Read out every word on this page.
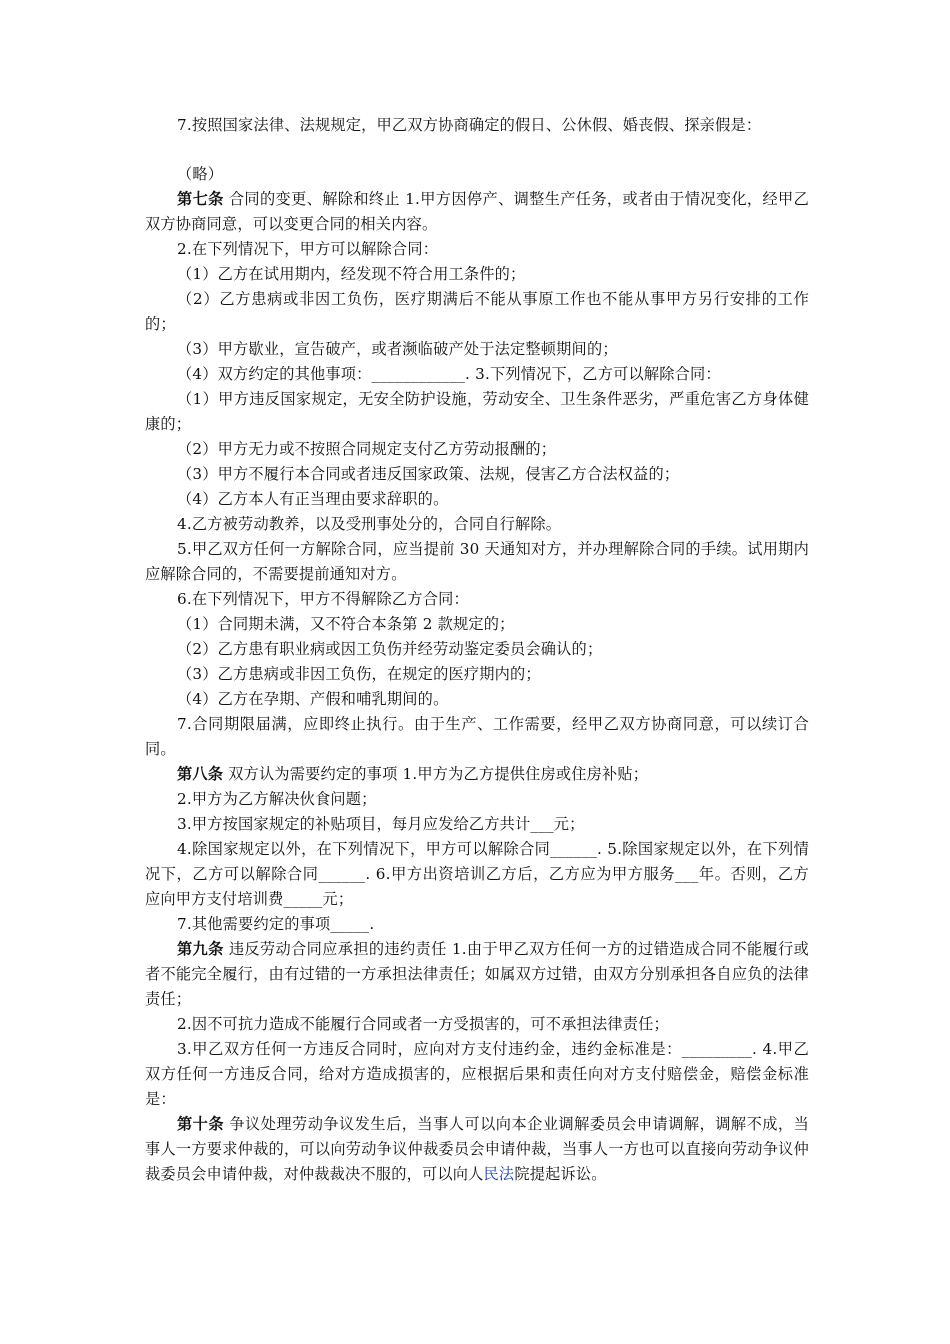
7.按照国家法律、法规规定，甲乙双方协商确定的假日、公休假、婚丧假、探亲假是：

（略）

第七条 合同的变更、解除和终止 1.甲方因停产、调整生产任务，或者由于情况变化，经甲乙双方协商同意，可以变更合同的相关内容。

2.在下列情况下，甲方可以解除合同：

（1）乙方在试用期内，经发现不符合用工条件的；

（2）乙方患病或非因工负伤，医疗期满后不能从事原工作也不能从事甲方另行安排的工作的；

（3）甲方歇业，宣告破产，或者濒临破产处于法定整顿期间的；

（4）双方约定的其他事项：____________. 3.下列情况下，乙方可以解除合同：

（1）甲方违反国家规定，无安全防护设施，劳动安全、卫生条件恶劣，严重危害乙方身体健康的；

（2）甲方无力或不按照合同规定支付乙方劳动报酬的；

（3）甲方不履行本合同或者违反国家政策、法规，侵害乙方合法权益的；

（4）乙方本人有正当理由要求辞职的。

4.乙方被劳动教养，以及受刑事处分的，合同自行解除。

5.甲乙双方任何一方解除合同，应当提前 30 天通知对方，并办理解除合同的手续。试用期内应解除合同的，不需要提前通知对方。

6.在下列情况下，甲方不得解除乙方合同：

（1）合同期未满，又不符合本条第 2 款规定的；

（2）乙方患有职业病或因工负伤并经劳动鉴定委员会确认的；

（3）乙方患病或非因工负伤，在规定的医疗期内的；

（4）乙方在孕期、产假和哺乳期间的。

7.合同期限届满，应即终止执行。由于生产、工作需要，经甲乙双方协商同意，可以续订合同。

第八条 双方认为需要约定的事项 1.甲方为乙方提供住房或住房补贴；

2.甲方为乙方解决伙食问题；

3.甲方按国家规定的补贴项目，每月应发给乙方共计___元；

4.除国家规定以外，在下列情况下，甲方可以解除合同______. 5.除国家规定以外，在下列情况下，乙方可以解除合同______. 6.甲方出资培训乙方后，乙方应为甲方服务___年。否则，乙方应向甲方支付培训费_____元；

7.其他需要约定的事项_____.

第九条 违反劳动合同应承担的违约责任 1.由于甲乙双方任何一方的过错造成合同不能履行或者不能完全履行，由有过错的一方承担法律责任；如属双方过错，由双方分别承担各自应负的法律责任；

2.因不可抗力造成不能履行合同或者一方受损害的，可不承担法律责任；

3.甲乙双方任何一方违反合同时，应向对方支付违约金，违约金标准是：_________. 4.甲乙双方任何一方违反合同，给对方造成损害的，应根据后果和责任向对方支付赔偿金，赔偿金标准是：

第十条 争议处理劳动争议发生后，当事人可以向本企业调解委员会申请调解，调解不成，当事人一方要求仲裁的，可以向劳动争议仲裁委员会申请仲裁，当事人一方也可以直接向劳动争议仲裁委员会申请仲裁，对仲裁裁决不服的，可以向人民法院提起诉讼。
